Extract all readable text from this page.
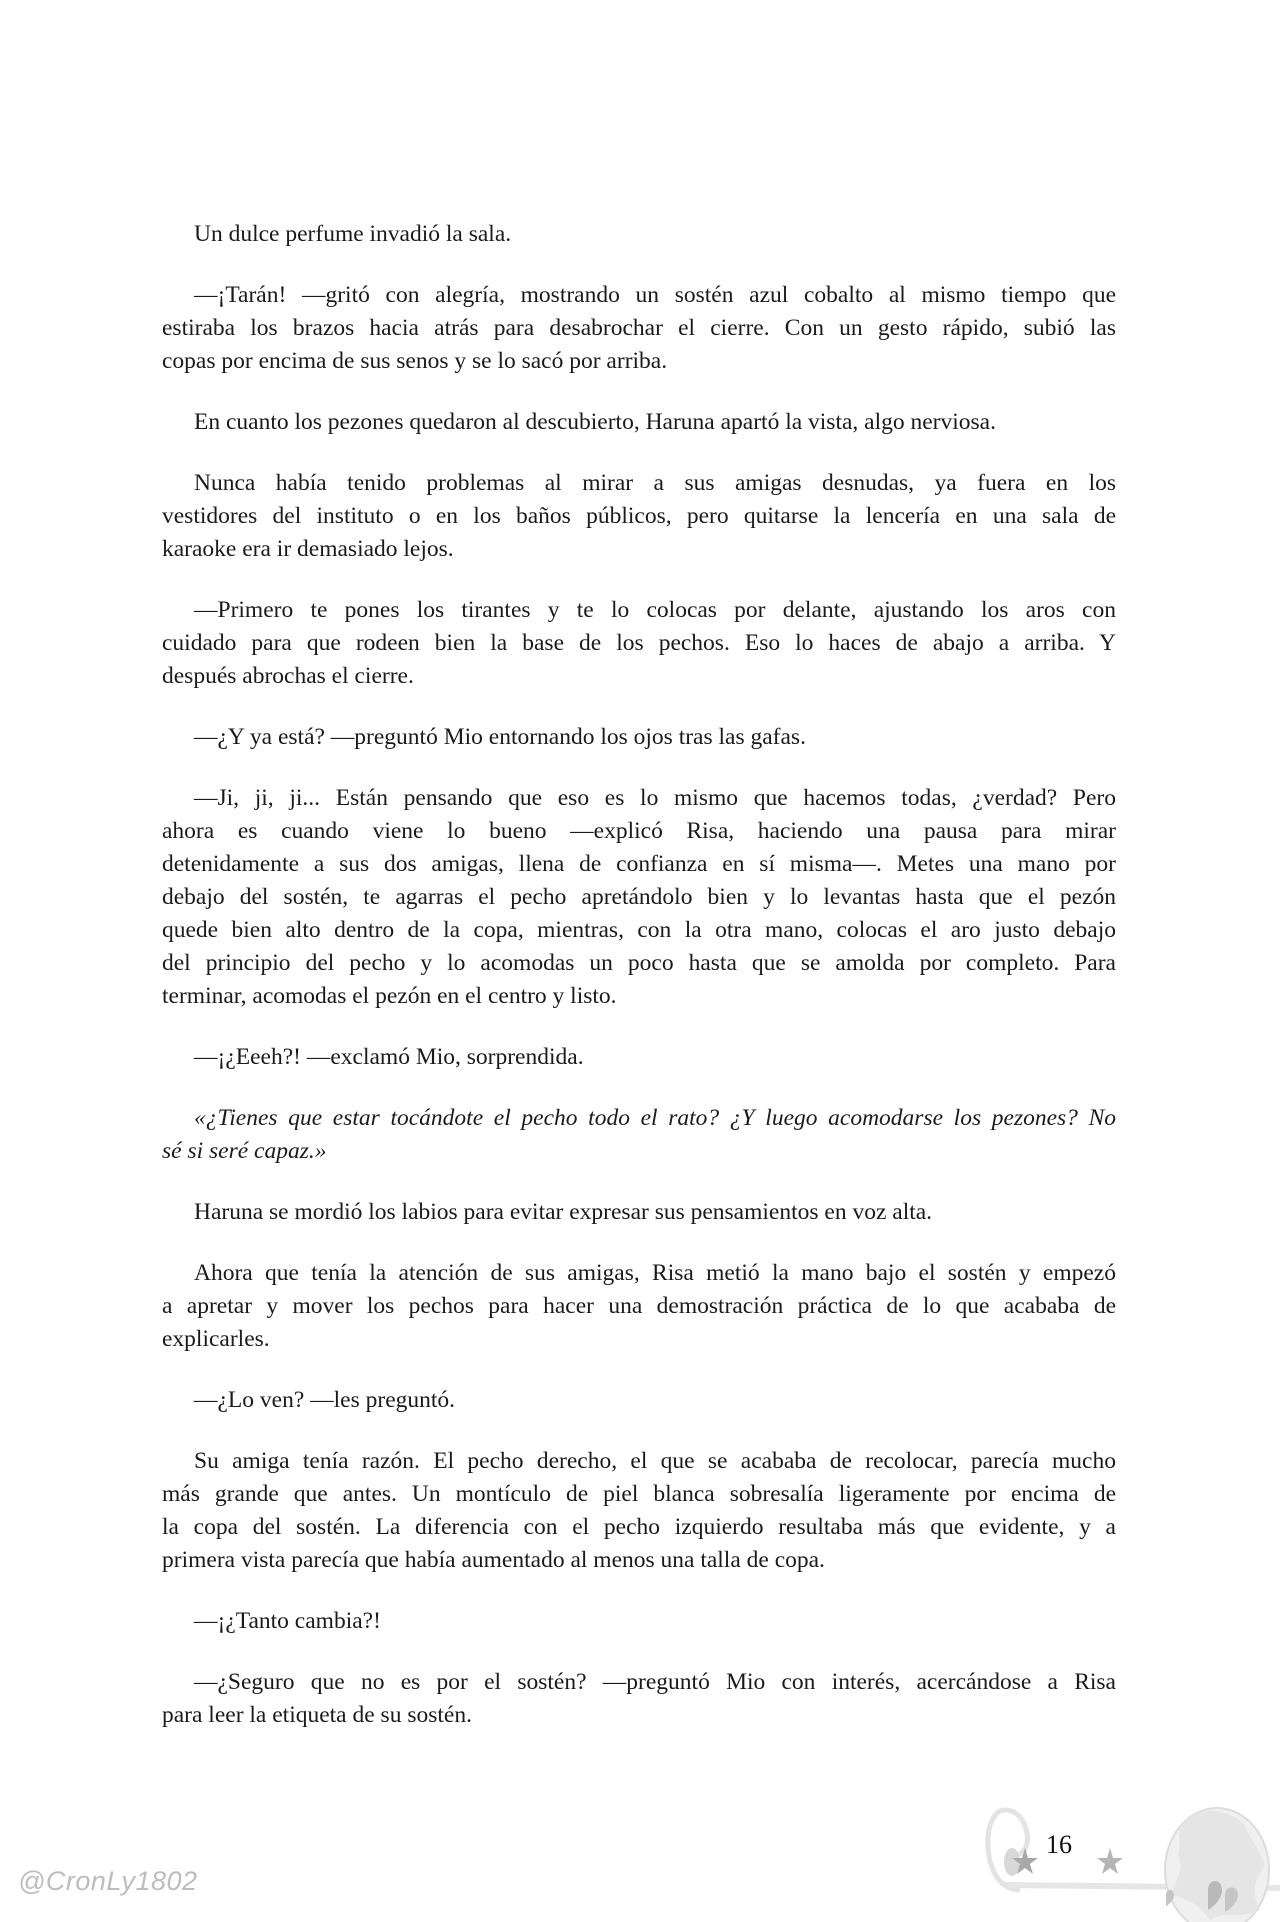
Un dulce perfume invadió la sala.

—¡Tarán! —gritó con alegría, mostrando un sostén azul cobalto al mismo tiempo que
estiraba los brazos hacia atrás para desabrochar el cierre. Con un gesto rápido, subió las
copas por encima de sus senos y se lo sacó por arriba.

En cuanto los pezones quedaron al descubierto, Haruna apartó la vista, algo nerviosa.

Nunca había tenido problemas al mirar a sus amigas desnudas, ya fuera en los
vestidores del instituto o en los baños públicos, pero quitarse la lencería en una sala de
karaoke era ir demasiado lejos.

—Primero te pones los tirantes y te lo colocas por delante, ajustando los aros con
cuidado para que rodeen bien la base de los pechos. Eso lo haces de abajo a arriba. Y
después abrochas el cierre.

—¿Y ya está? —preguntó Mio entornando los ojos tras las gafas.

—Ji, ji, ji... Están pensando que eso es lo mismo que hacemos todas, ¿verdad? Pero
ahora es cuando viene lo bueno —explicó Risa, haciendo una pausa para mirar
detenidamente a sus dos amigas, llena de confianza en sí misma—. Metes una mano por
debajo del sostén, te agarras el pecho apretándolo bien y lo levantas hasta que el pezón
quede bien alto dentro de la copa, mientras, con la otra mano, colocas el aro justo debajo
del principio del pecho y lo acomodas un poco hasta que se amolda por completo. Para
terminar, acomodas el pezón en el centro y listo.

—¡¿Eeeh?! —exclamó Mio, sorprendida.

«¿Tienes que estar tocándote el pecho todo el rato? ¿Y luego acomodarse los pezones? No
sé si seré capaz.»

Haruna se mordió los labios para evitar expresar sus pensamientos en voz alta.

Ahora que tenía la atención de sus amigas, Risa metió la mano bajo el sostén y empezó
a apretar y mover los pechos para hacer una demostración práctica de lo que acababa de
explicarles.

—¿Lo ven? —les preguntó.

Su amiga tenía razón. El pecho derecho, el que se acababa de recolocar, parecía mucho
más grande que antes. Un montículo de piel blanca sobresalía ligeramente por encima de
la copa del sostén. La diferencia con el pecho izquierdo resultaba más que evidente, y a
primera vista parecía que había aumentado al menos una talla de copa.

—¡¿Tanto cambia?!

—¿Seguro que no es por el sostén? —preguntó Mio con interés, acercándose a Risa
para leer la etiqueta de su sostén.

16
@CronLy1802
